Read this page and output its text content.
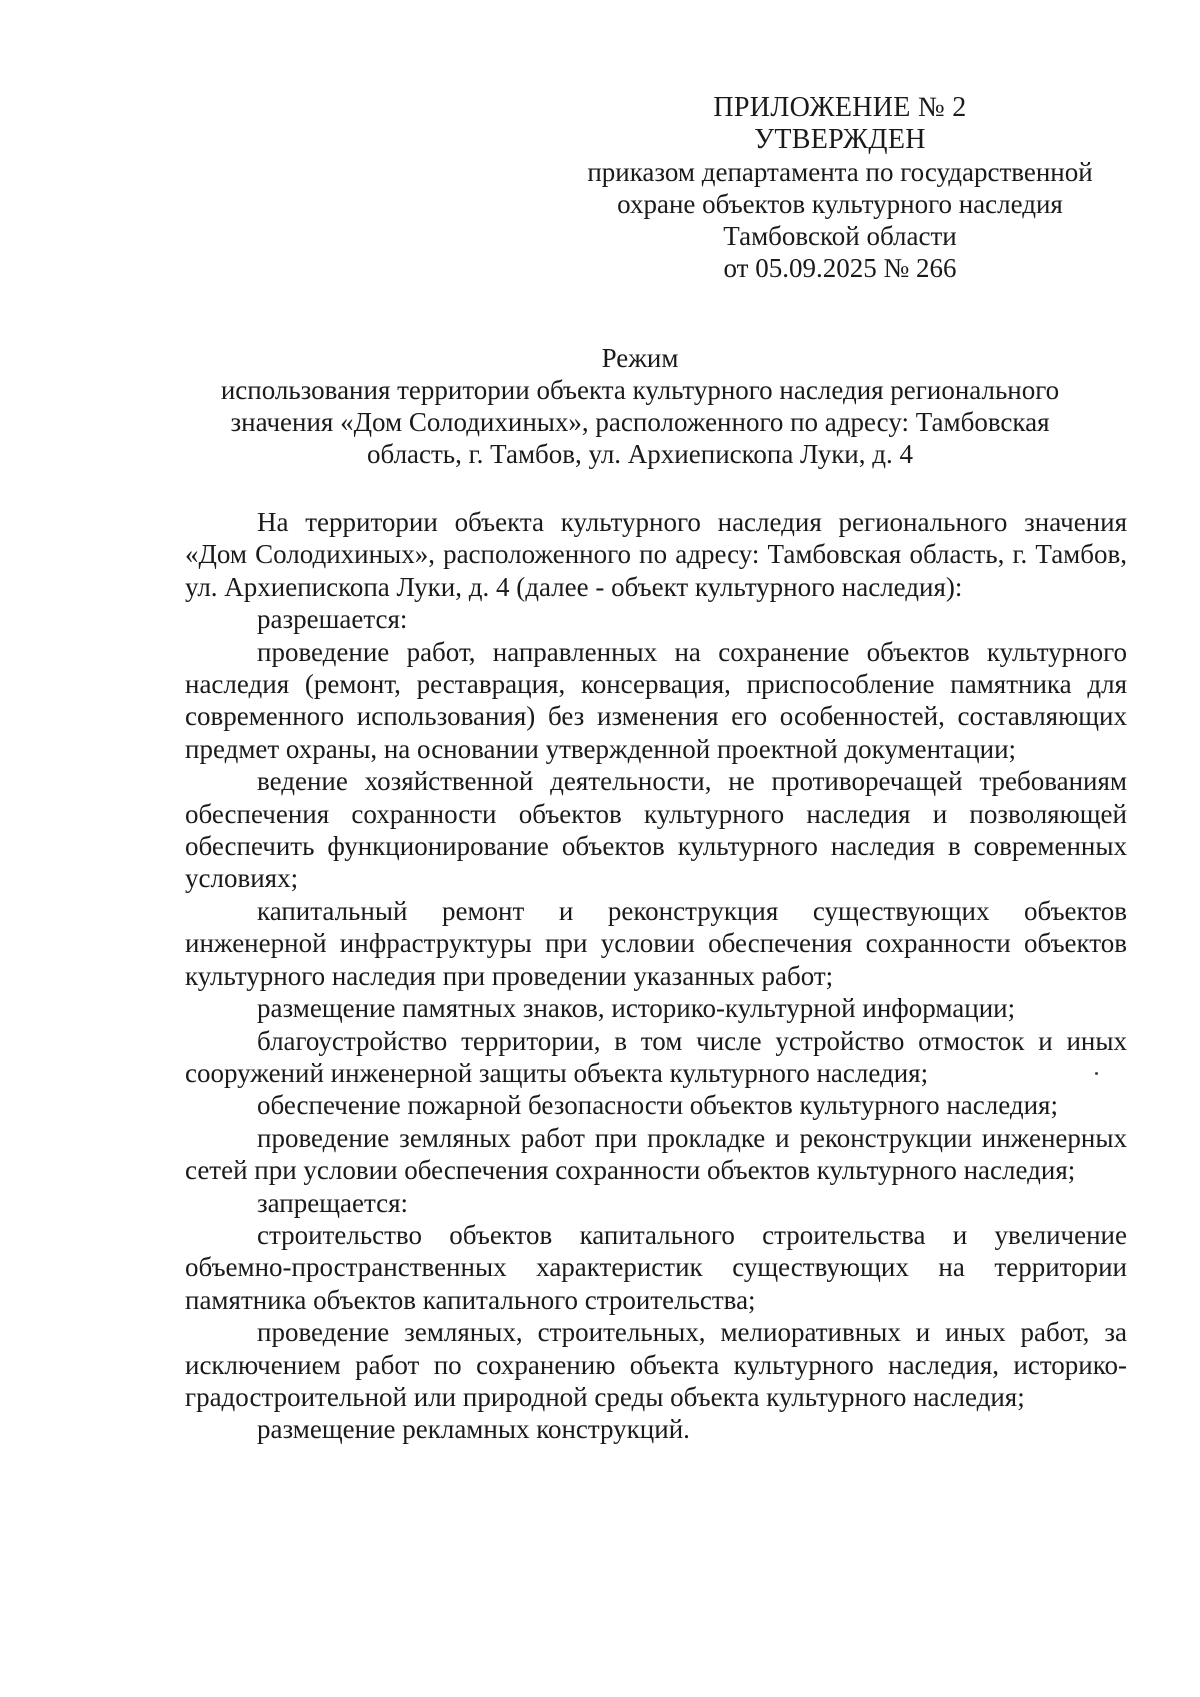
ПРИЛОЖЕНИЕ № 2
УТВЕРЖДЕН
приказом департамента по государственной
охране объектов культурного наследия
Тамбовской области
от 05.09.2025 № 266
Режим
использования территории объекта культурного наследия регионального
значения «Дом Солодихиных», расположенного по адресу: Тамбовская
область, г. Тамбов, ул. Архиепископа Луки, д. 4

На территории объекта культурного наследия регионального значения «Дом Солодихиных», расположенного по адресу: Тамбовская область, г. Тамбов, ул. Архиепископа Луки, д. 4 (далее - объект культурного наследия):

разрешается:

проведение работ, направленных на сохранение объектов культурного наследия (ремонт, реставрация, консервация, приспособление памятника для современного использования) без изменения его особенностей, составляющих предмет охраны, на основании утвержденной проектной документации;

ведение хозяйственной деятельности, не противоречащей требованиям обеспечения сохранности объектов культурного наследия и позволяющей обеспечить функционирование объектов культурного наследия в современных условиях;

капитальный ремонт и реконструкция существующих объектов инженерной инфраструктуры при условии обеспечения сохранности объектов культурного наследия при проведении указанных работ;

размещение памятных знаков, историко-культурной информации;

благоустройство территории, в том числе устройство отмосток и иных сооружений инженерной защиты объекта культурного наследия;

обеспечение пожарной безопасности объектов культурного наследия;

проведение земляных работ при прокладке и реконструкции инженерных сетей при условии обеспечения сохранности объектов культурного наследия;

запрещается:

строительство объектов капитального строительства и увеличение объемно-пространственных характеристик существующих на территории памятника объектов капитального строительства;

проведение земляных, строительных, мелиоративных и иных работ, за исключением работ по сохранению объекта культурного наследия, историко-градостроительной или природной среды объекта культурного наследия;

размещение рекламных конструкций.
